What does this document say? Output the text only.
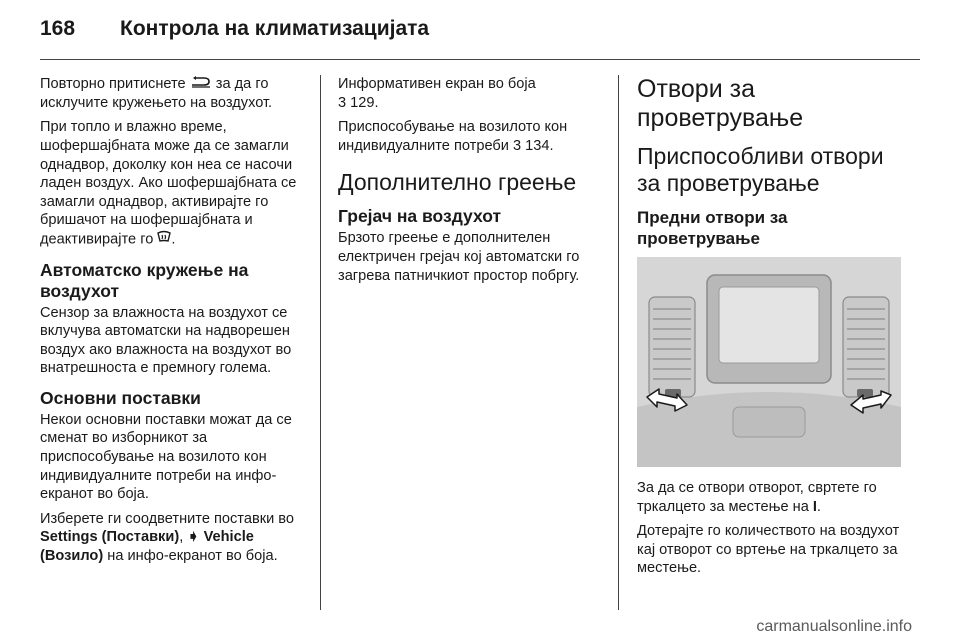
168 Контрола на климатизацијата

Повторно притиснете  за да го исклучите кружењето на воздухот.

При топло и влажно време, шофершајбната може да се замагли однадвор, доколку кон неа се насочи ладен воздух. Ако шофершајбната се замагли однадвор, активирајте го бришачот на шофершајбната и деактивирајте го .

Автоматско кружење на воздухот

Сензор за влажноста на воздухот се вклучува автоматски на надворешен воздух ако влажноста на воздухот во внатрешноста е премногу голема.

Основни поставки

Некои основни поставки можат да се сменат во изборникот за приспособување на возилото кон индивидуалните потреби на инфо-екранот во боја.

Изберете ги соодветните поставки во Settings (Поставки), ➧ Vehicle (Возило) на инфо-екранот во боја.

Информативен екран во боја
3 129.

Приспособување на возилото кон индивидуалните потреби 3 134.

Дополнително греење
Грејач на воздухот

Брзото греење е дополнителен електричен грејач кој автоматски го загрева патничкиот простор побргу.

Отвори за проветрување
Приспособливи отвори за проветрување
Предни отвори за проветрување

За да се отвори отворот, свртете го тркалцето за местење на I.

Дотерајте го количеството на воздухот кај отворот со вртење на тркалцето за местење.

carmanualsonline.info
